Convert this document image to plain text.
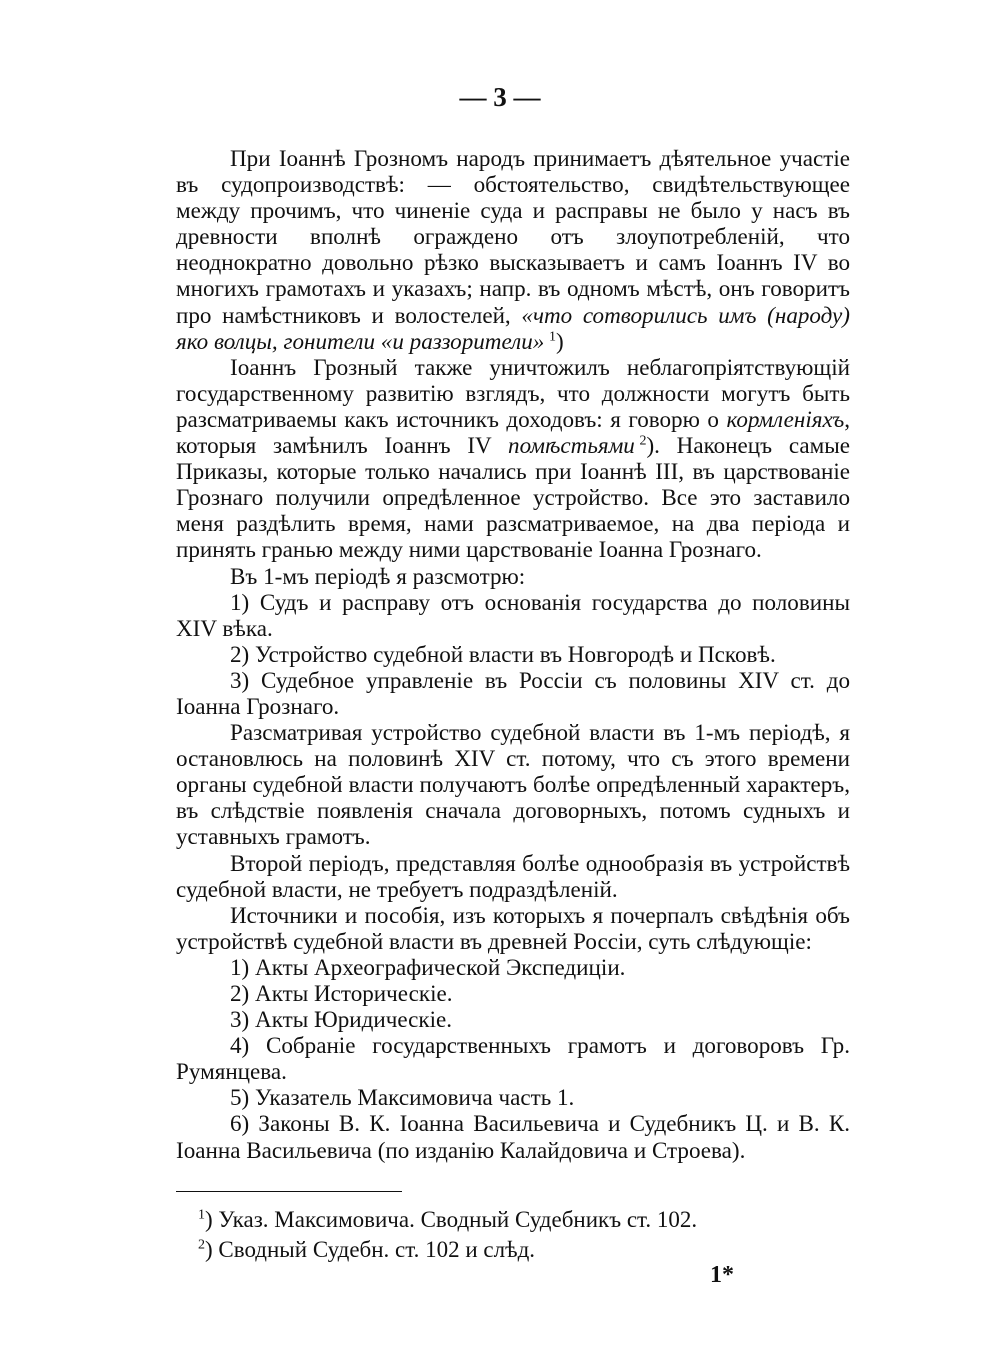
— 3 —

При Іоаннѣ Грозномъ народъ принимаетъ дѣятельное участіе въ судопроизводствѣ: — обстоятельство, свидѣтельствующее между прочимъ, что чиненіе суда и расправы не было у насъ въ древности вполнѣ ограждено отъ злоупотребленій, что неоднократно довольно рѣзко высказываетъ и самъ Іоаннъ IV во многихъ грамотахъ и указахъ; напр. въ одномъ мѣстѣ, онъ говоритъ про намѣстниковъ и волостелей, «что сотворились имъ (народу) яко волцы, гонители «и раззорители»  $^1$)

Іоаннъ Грозный также уничтожилъ неблагопріятствующій государственному развитію взглядъ, что должности могутъ быть разсматриваемы какъ источникъ доходовъ: я говорю о кормленіяхъ, которыя замѣнилъ Іоаннъ IV помѣстьями  $^2$). Наконецъ самые Приказы, которые только начались при Іоаннѣ III, въ царствованіе Грознаго получили опредѣленное устройство. Все это заставило меня раздѣлить время, нами разсматриваемое, на два періода и принять гранью между ними царствованіе Іоанна Грознаго.

Въ 1-мъ періодѣ я разсмотрю:

1) Судъ и расправу отъ основанія государства до половины XIV вѣка.

2) Устройство судебной власти въ Новгородѣ и Псковѣ.

3) Судебное управленіе въ Россіи съ половины XIV ст. до Іоанна Грознаго.

Разсматривая устройство судебной власти въ 1-мъ періодѣ, я остановлюсь на половинѣ XIV ст. потому, что съ этого времени органы судебной власти получаютъ болѣе опредѣленный характеръ, въ слѣдствіе появленія сначала договорныхъ, потомъ судныхъ и уставныхъ грамотъ.

Второй періодъ, представляя болѣе однообразія въ устройствѣ судебной власти, не требуетъ подраздѣленій.

Источники и пособія, изъ которыхъ я почерпалъ свѣдѣнія объ устройствѣ судебной власти въ древней Россіи, суть слѣдующіе:

1) Акты Археографической Экспедиціи.

2) Акты Историческіе.

3) Акты Юридическіе.

4) Собраніе государственныхъ грамотъ и договоровъ Гр. Румянцева.

5) Указатель Максимовича часть 1.

6) Законы В. К. Іоанна Васильевича и Судебникъ Ц. и В. К. Іоанна Васильевича (по изданію Калайдовича и Строева).

$^1$) Указ. Максимовича. Сводный Судебникъ ст. 102.

$^2$) Сводный Судебн. ст. 102 и слѣд.

1*
